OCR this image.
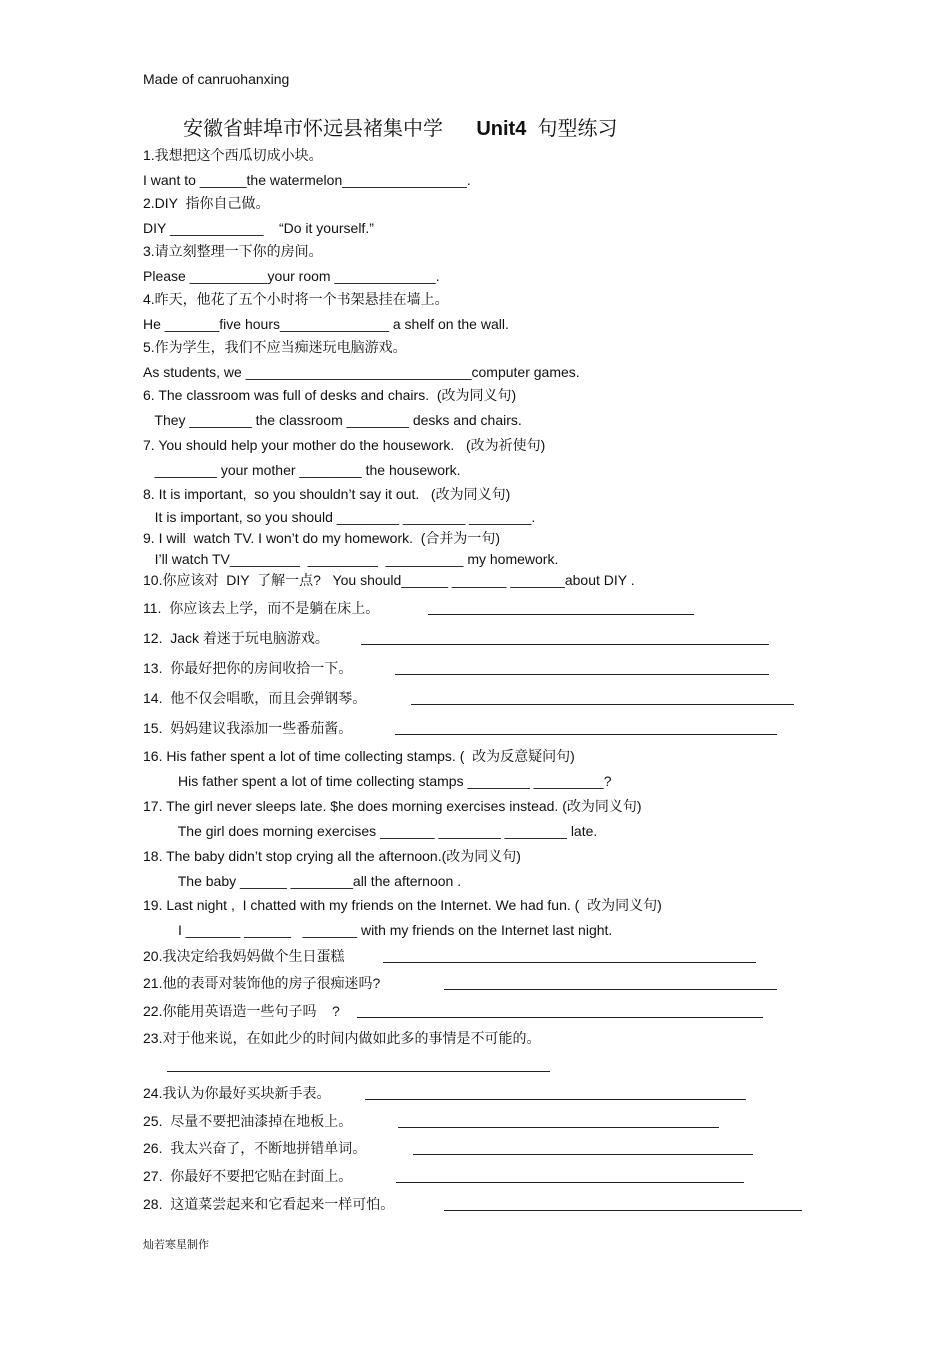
Made of canruohanxing
安徽省蚌埠市怀远县褚集中学 Unit4 句型练习
1.我想把这个西瓜切成小块。
I want to ______the watermelon________________.
2.DIY  指你自己做。
DIY ____________    “Do it yourself.”
3.请立刻整理一下你的房间。
Please __________your room _____________.
4.昨天，他花了五个小时将一个书架悬挂在墙上。
He _______five hours______________ a shelf on the wall.
5.作为学生，我们不应当痴迷玩电脑游戏。
As students, we _____________________________computer games.
6. The classroom was full of desks and chairs.  (改为同义句)
They ________ the classroom ________ desks and chairs.
7. You should help your mother do the housework.   (改为祈使句)
________ your mother ________ the housework.
8. It is important,  so you shouldn’t say it out.   (改为同义句)
It is important, so you should ________ ________ ________.
9. I will  watch TV. I won’t do my homework.  (合并为一句)
I’ll watch TV_________  _________  __________ my homework.
10.你应该对  DIY  了解一点?   You should______ _______ _______about DIY .
11.  你应该去上学，而不是躺在床上。
12.  Jack 着迷于玩电脑游戏。
13.  你最好把你的房间收拾一下。
14.  他不仅会唱歌，而且会弹钢琴。
15.  妈妈建议我添加一些番茄酱。
16. His father spent a lot of time collecting stamps. (  改为反意疑问句)
His father spent a lot of time collecting stamps ________ _________?
17. The girl never sleeps late. $he does morning exercises instead. (改为同义句)
The girl does morning exercises _______ ________ ________ late.
18. The baby didn’t stop crying all the afternoon.(改为同义句)
The baby ______ ________all the afternoon .
19. Last night ,  I chatted with my friends on the Internet. We had fun. (  改为同义句)
I _______ ______   _______ with my friends on the Internet last night.
20.我决定给我妈妈做个生日蛋糕
21.他的表哥对装饰他的房子很痴迷吗?
22.你能用英语造一些句子吗    ?
23.对于他来说，在如此少的时间内做如此多的事情是不可能的。
24.我认为你最好买块新手表。
25.  尽量不要把油漆掉在地板上。
26.  我太兴奋了，不断地拼错单词。
27.  你最好不要把它贴在封面上。
28.  这道菜尝起来和它看起来一样可怕。
灿若寒星制作
